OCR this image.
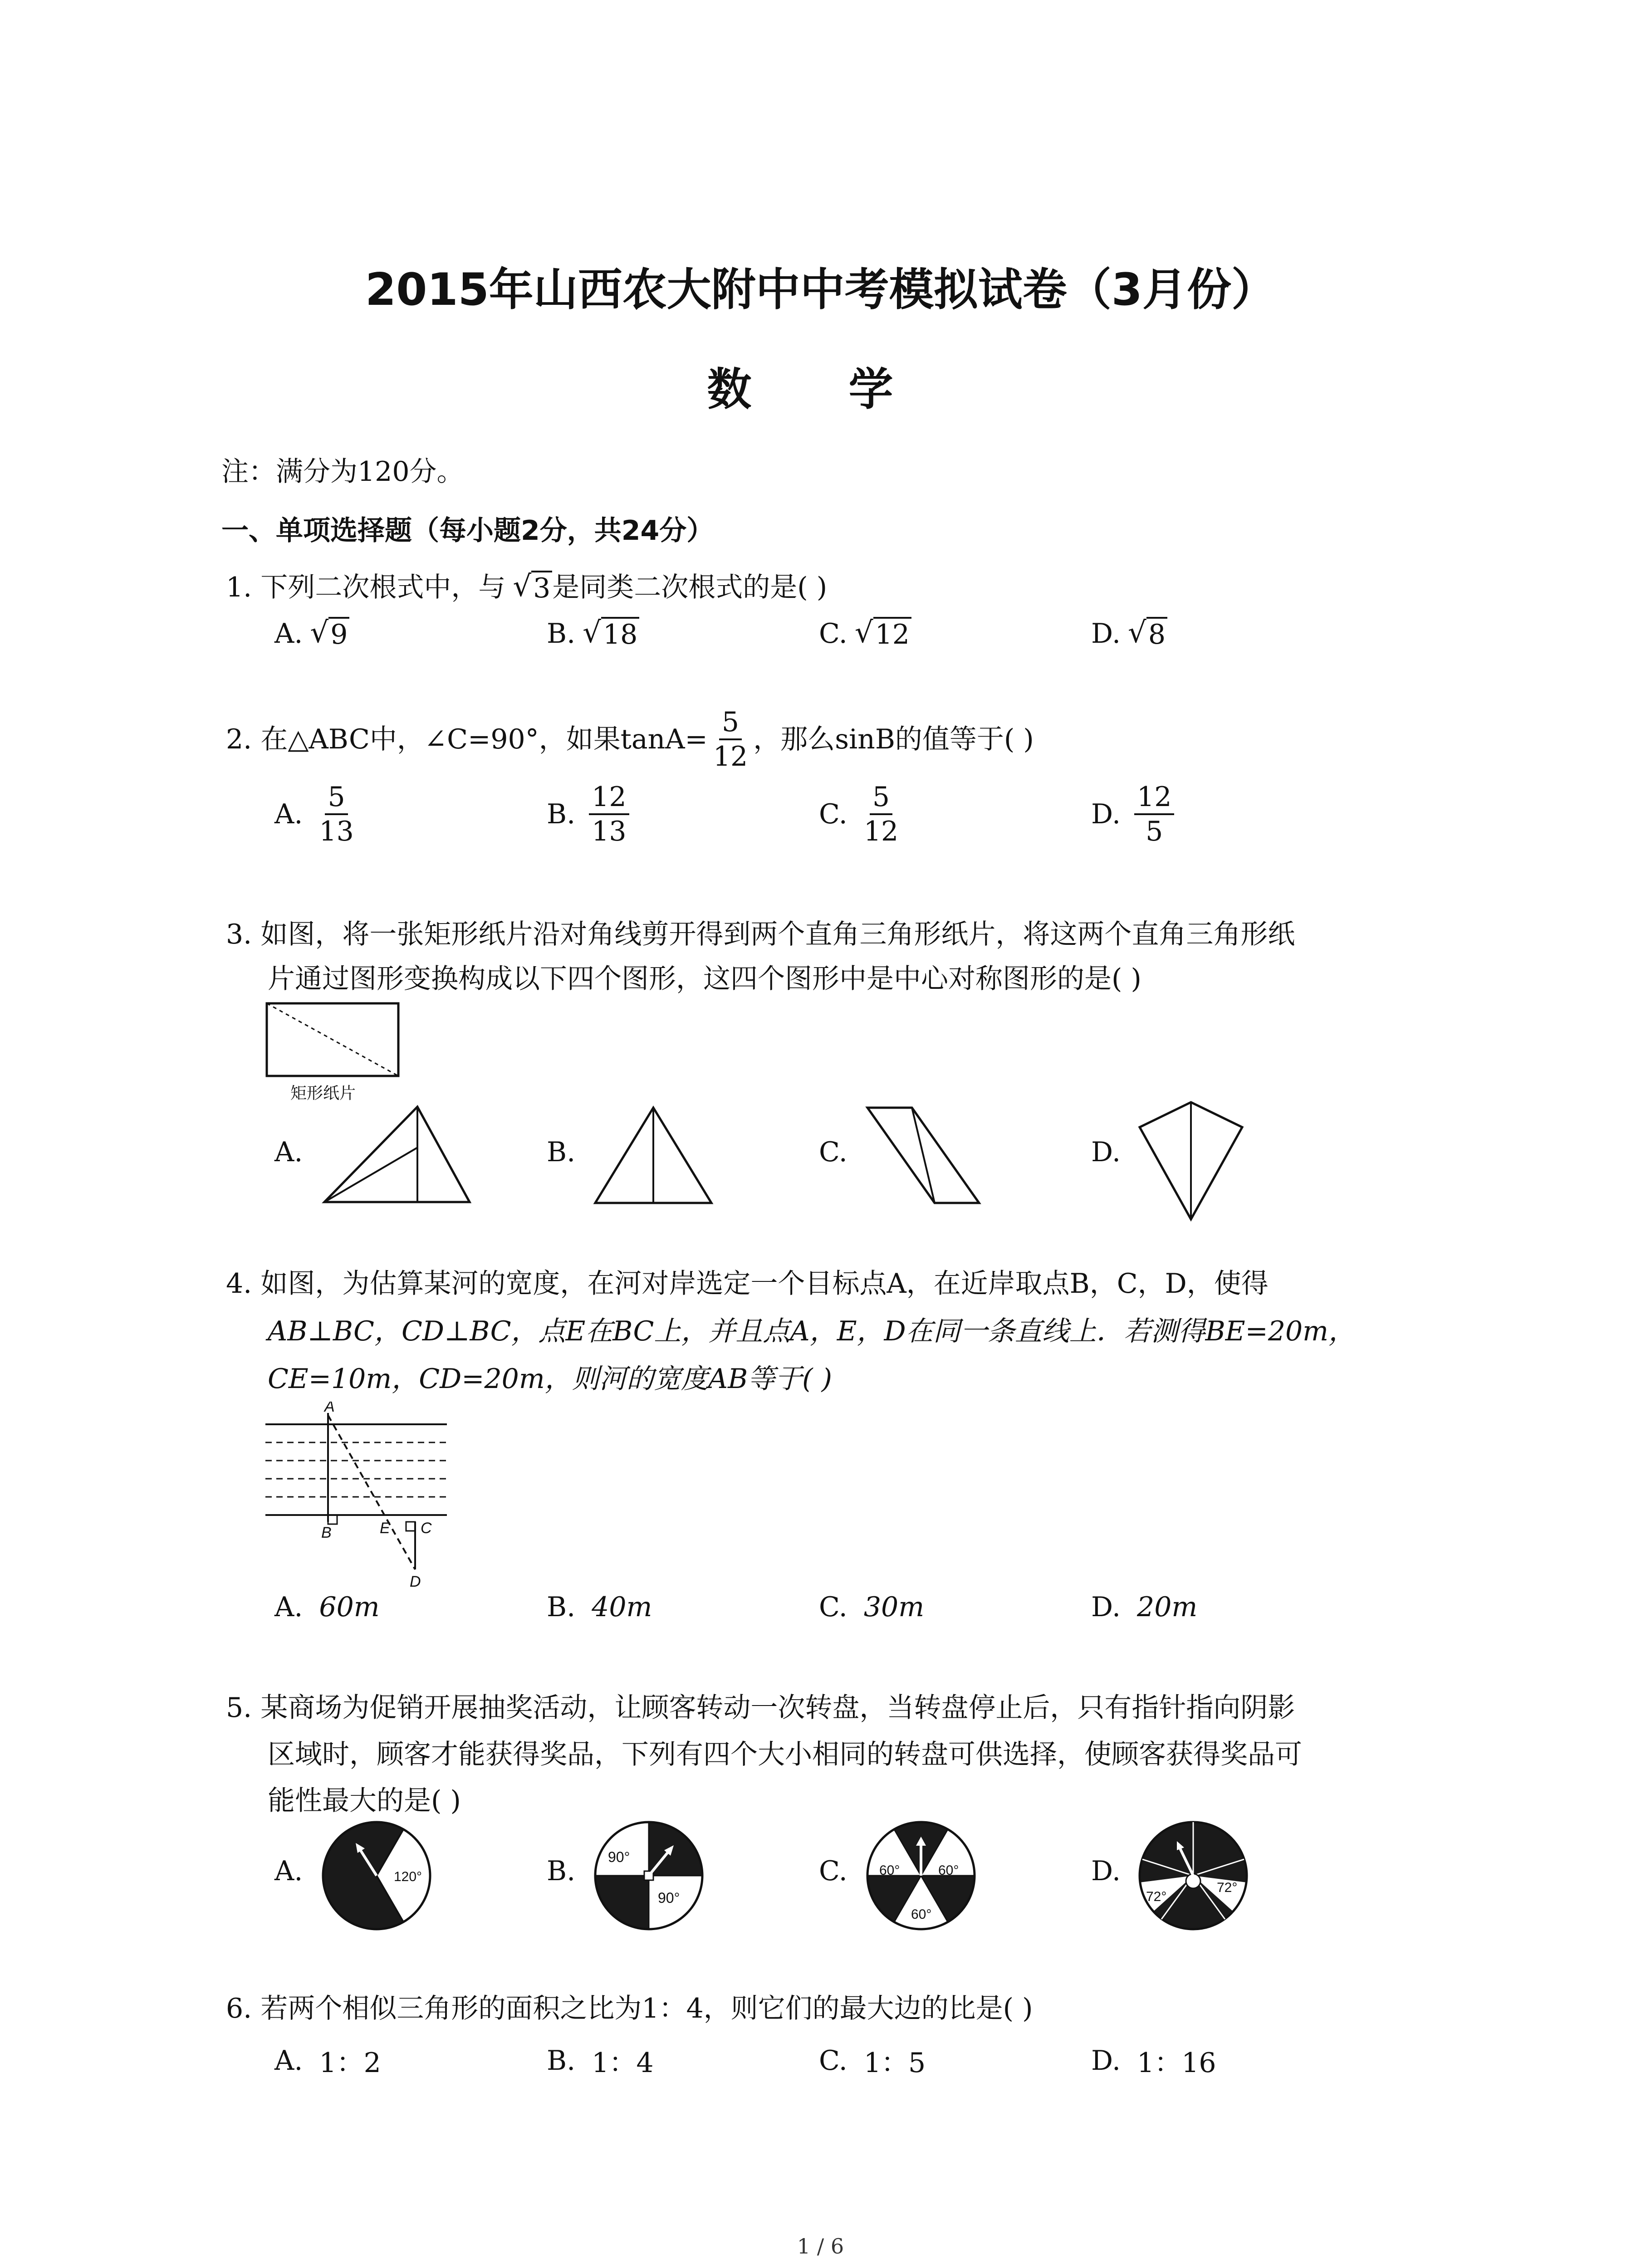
2015年山西农大附中中考模拟试卷（3月份）
数 学
注：满分为120分。
一、单项选择题（每小题2分，共24分）
1. 下列二次根式中，与 √ 3 是同类二次根式的是( )
A. √ 9	B. √ 18	C. √ 12	D. √ 8
2. 在△ABC中，∠C=90°，如果$\tan A= \frac{5}{12}$ ，那么sinB的值等于( )
A. $\frac{5}{13}$	B. $\frac{12}{13}$	C. $\frac{5}{12}$	D. $\frac{12}{5}$
3. 如图，将一张矩形纸片沿对角线剪开得到两个直角三角形纸片，将这两个直角三角形纸
片通过图形变换构成以下四个图形，这四个图形中是中心对称图形的是( )
矩形纸片
A.	B.	C.	D.
4. 如图，为估算某河的宽度，在河对岸选定一个目标点A，在近岸取点B，C，D，使得
AB⊥BC，CD⊥BC，点E在BC上，并且点A，E，D在同一条直线上．若测得BE=20m，
CE=10m，CD=20m，则河的宽度AB等于( )
A
B	E C
D
A. 60m	B. 40m	C. 30m	D. 20m
5. 某商场为促销开展抽奖活动，让顾客转动一次转盘，当转盘停止后，只有指针指向阴影
区域时，顾客才能获得奖品，下列有四个大小相同的转盘可供选择，使顾客获得奖品可
能性最大的是( )
A.	120°	B. 90°
90°
C. 60°	60°
60°
D.
72°
72°
6. 若两个相似三角形的面积之比为1：4，则它们的最大边的比是( )
A. 1：2	B. 1：4	C. 1：5	D. 1：16
1 / 6
